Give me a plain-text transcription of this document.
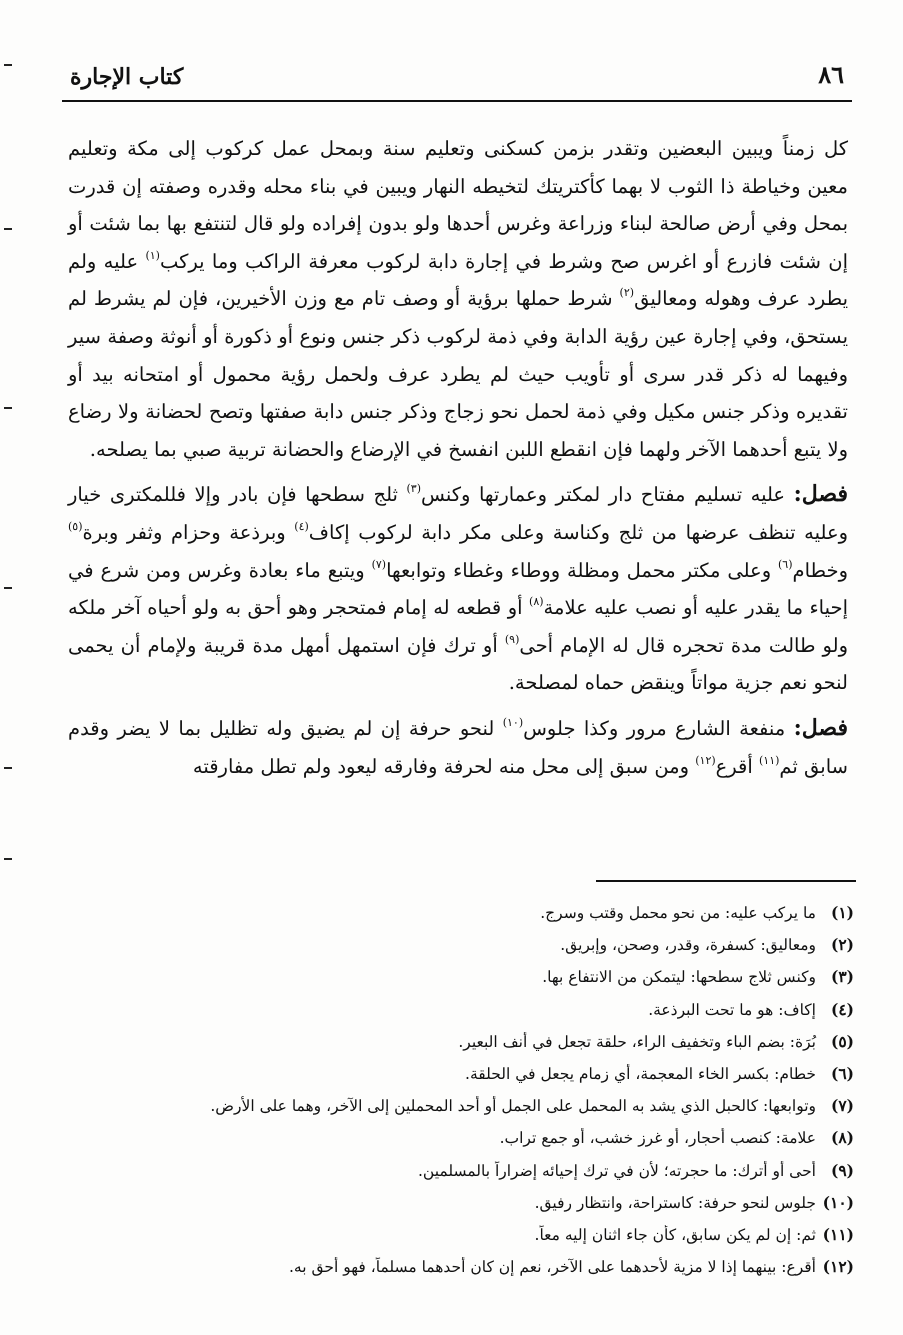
٨٦
كتاب الإجارة

كل زمناً ويبين البعضين وتقدر بزمن كسكنى وتعليم سنة وبمحل عمل كركوب إلى مكة وتعليم معين وخياطة ذا الثوب لا بهما كأكتريتك لتخيطه النهار ويبين في بناء محله وقدره وصفته إن قدرت بمحل وفي أرض صالحة لبناء وزراعة وغرس أحدها ولو بدون إفراده ولو قال لتنتفع بها بما شئت أو إن شئت فازرع أو اغرس صح وشرط في إجارة دابة لركوب معرفة الراكب وما يركب$^{(١)}$ عليه ولم يطرد عرف وهوله ومعاليق$^{(٢)}$ شرط حملها برؤية أو وصف تام مع وزن الأخيرين، فإن لم يشرط لم يستحق، وفي إجارة عين رؤية الدابة وفي ذمة لركوب ذكر جنس ونوع أو ذكورة أو أنوثة وصفة سير وفيهما له ذكر قدر سرى أو تأويب حيث لم يطرد عرف ولحمل رؤية محمول أو امتحانه بيد أو تقديره وذكر جنس مكيل وفي ذمة لحمل نحو زجاج وذكر جنس دابة صفتها وتصح لحضانة ولا رضاع ولا يتبع أحدهما الآخر ولهما فإن انقطع اللبن انفسخ في الإرضاع والحضانة تربية صبي بما يصلحه.

فصل: عليه تسليم مفتاح دار لمكتر وعمارتها وكنس$^{(٣)}$ ثلج سطحها فإن بادر وإلا فللمكترى خيار وعليه تنظف عرضها من ثلج وكناسة وعلى مكر دابة لركوب إكاف$^{(٤)}$ وبرذعة وحزام وثفر وبرة$^{(٥)}$ وخطام$^{(٦)}$ وعلى مكتر محمل ومظلة ووطاء وغطاء وتوابعها$^{(٧)}$ ويتبع ماء بعادة وغرس ومن شرع في إحياء ما يقدر عليه أو نصب عليه علامة$^{(٨)}$ أو قطعه له إمام فمتحجر وهو أحق به ولو أحياه آخر ملكه ولو طالت مدة تحجره قال له الإمام أحى$^{(٩)}$ أو ترك فإن استمهل أمهل مدة قريبة ولإمام أن يحمى لنحو نعم جزية مواتاً وينقض حماه لمصلحة.

فصل: منفعة الشارع مرور وكذا جلوس$^{(١٠)}$ لنحو حرفة إن لم يضيق وله تظليل بما لا يضر وقدم سابق ثم$^{(١١)}$ أقرع$^{(١٢)}$ ومن سبق إلى محل منه لحرفة وفارقه ليعود ولم تطل مفارقته

(١)
ما يركب عليه: من نحو محمل وقتب وسرج.
(٢)
ومعاليق: كسفرة، وقدر، وصحن، وإبريق.
(٣)
وكنس ثلاج سطحها: ليتمكن من الانتفاع بها.
(٤)
إكاف: هو ما تحت البرذعة.
(٥)
بُرَة: بضم الباء وتخفيف الراء، حلقة تجعل في أنف البعير.
(٦)
خطام: بكسر الخاء المعجمة، أي زمام يجعل في الحلقة.
(٧)
وتوابعها: كالحبل الذي يشد به المحمل على الجمل أو أحد المحملين إلى الآخر، وهما على الأرض.
(٨)
علامة: كنصب أحجار، أو غرز خشب، أو جمع تراب.
(٩)
أحى أو أترك: ما حجرته؛ لأن في ترك إحيائه إضراراً بالمسلمين.
(١٠)
جلوس لنحو حرفة: كاستراحة، وانتظار رفيق.
(١١)
ثم: إن لم يكن سابق، كأن جاء اثنان إليه معاً.
(١٢)
أقرع: بينهما إذا لا مزية لأحدهما على الآخر، نعم إن كان أحدهما مسلماً، فهو أحق به.
